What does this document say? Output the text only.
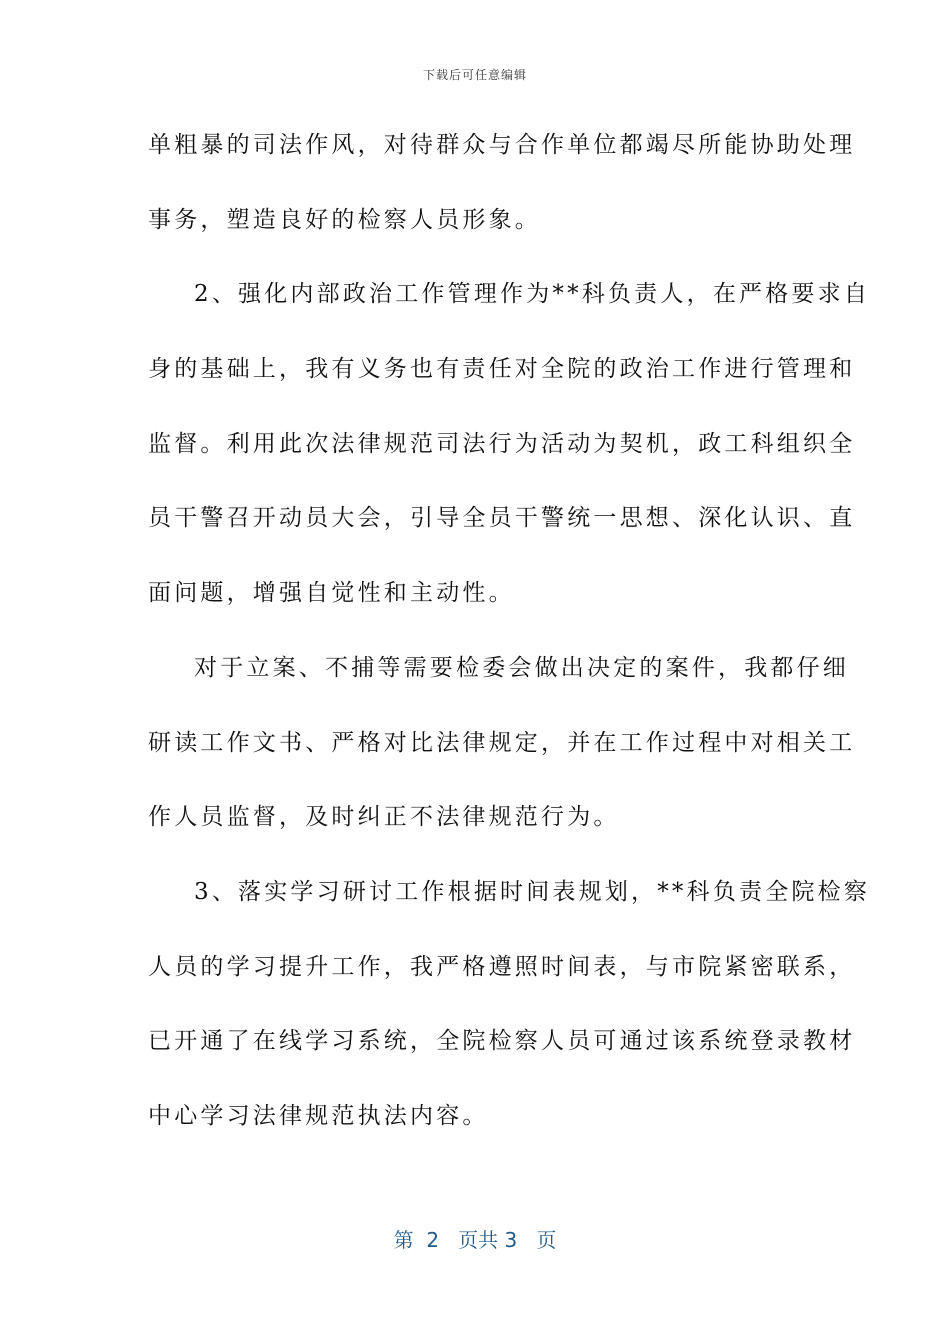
下载后可任意编辑
单粗暴的司法作风，对待群众与合作单位都竭尽所能协助处理
事务，塑造良好的检察人员形象。
2、强化内部政治工作管理作为**科负责人，在严格要求自
身的基础上，我有义务也有责任对全院的政治工作进行管理和
监督。利用此次法律规范司法行为活动为契机，政工科组织全
员干警召开动员大会，引导全员干警统一思想、深化认识、直
面问题，增强自觉性和主动性。
对于立案、不捕等需要检委会做出决定的案件，我都仔细
研读工作文书、严格对比法律规定，并在工作过程中对相关工
作人员监督，及时纠正不法律规范行为。
3、落实学习研讨工作根据时间表规划，**科负责全院检察
人员的学习提升工作，我严格遵照时间表，与市院紧密联系，
已开通了在线学习系统，全院检察人员可通过该系统登录教材
中心学习法律规范执法内容。
第 2 页共 3 页
